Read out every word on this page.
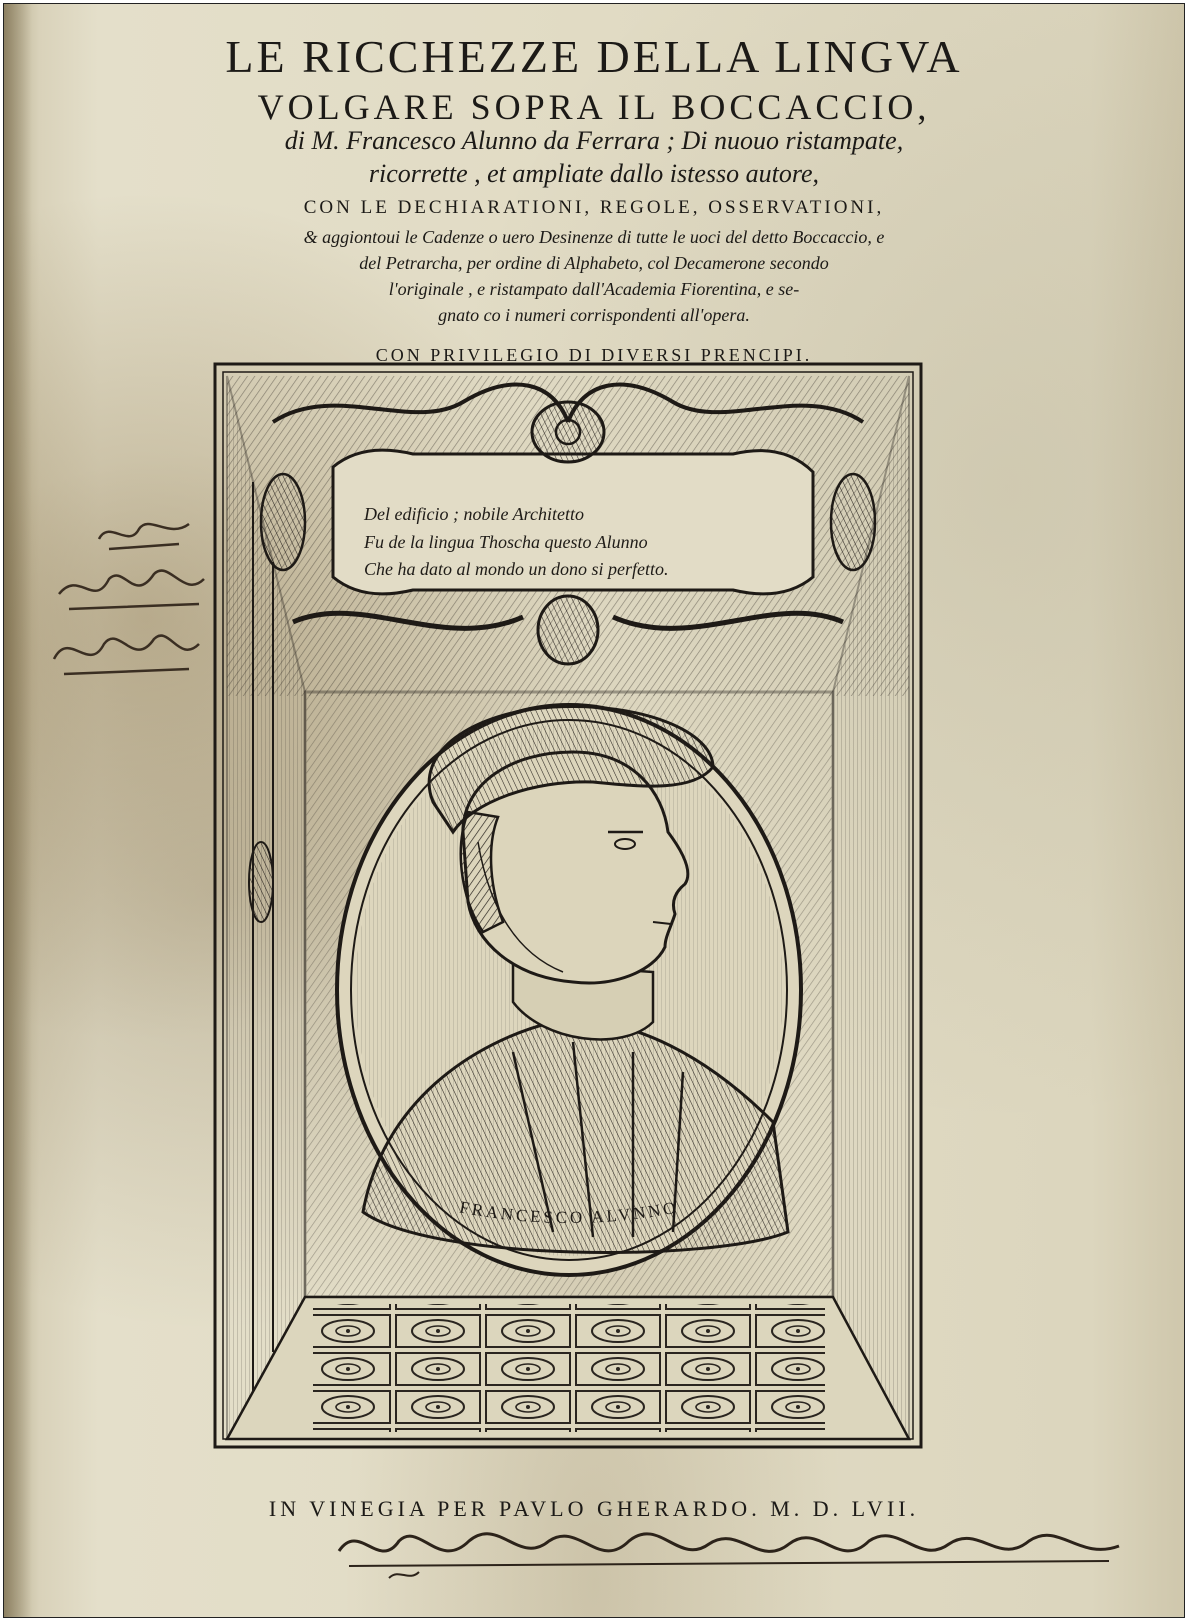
LE RICCHEZZE DELLA LINGVA
VOLGARE SOPRA IL BOCCACCIO,
di M. Francesco Alunno da Ferrara ; Di nuouo ristampate,
ricorrette , et ampliate dallo istesso autore,
CON LE DECHIARATIONI, REGOLE, OSSERVATIONI,
& aggiontoui le Cadenze o uero Desinenze di tutte le uoci del detto Boccaccio, e
del Petrarcha, per ordine di Alphabeto, col Decamerone secondo
l'originale , e ristampato dall'Academia Fiorentina, e se-
gnato co i numeri corrispondenti all'opera.
CON PRIVILEGIO DI DIVERSI PRENCIPI.
FRANCESCO ALVNNO
Del edificio ; nobile Architetto
Fu de la lingua Thoscha questo Alunno
Che ha dato al mondo un dono si perfetto.
IN VINEGIA PER PAVLO GHERARDO. M. D. LVII.
